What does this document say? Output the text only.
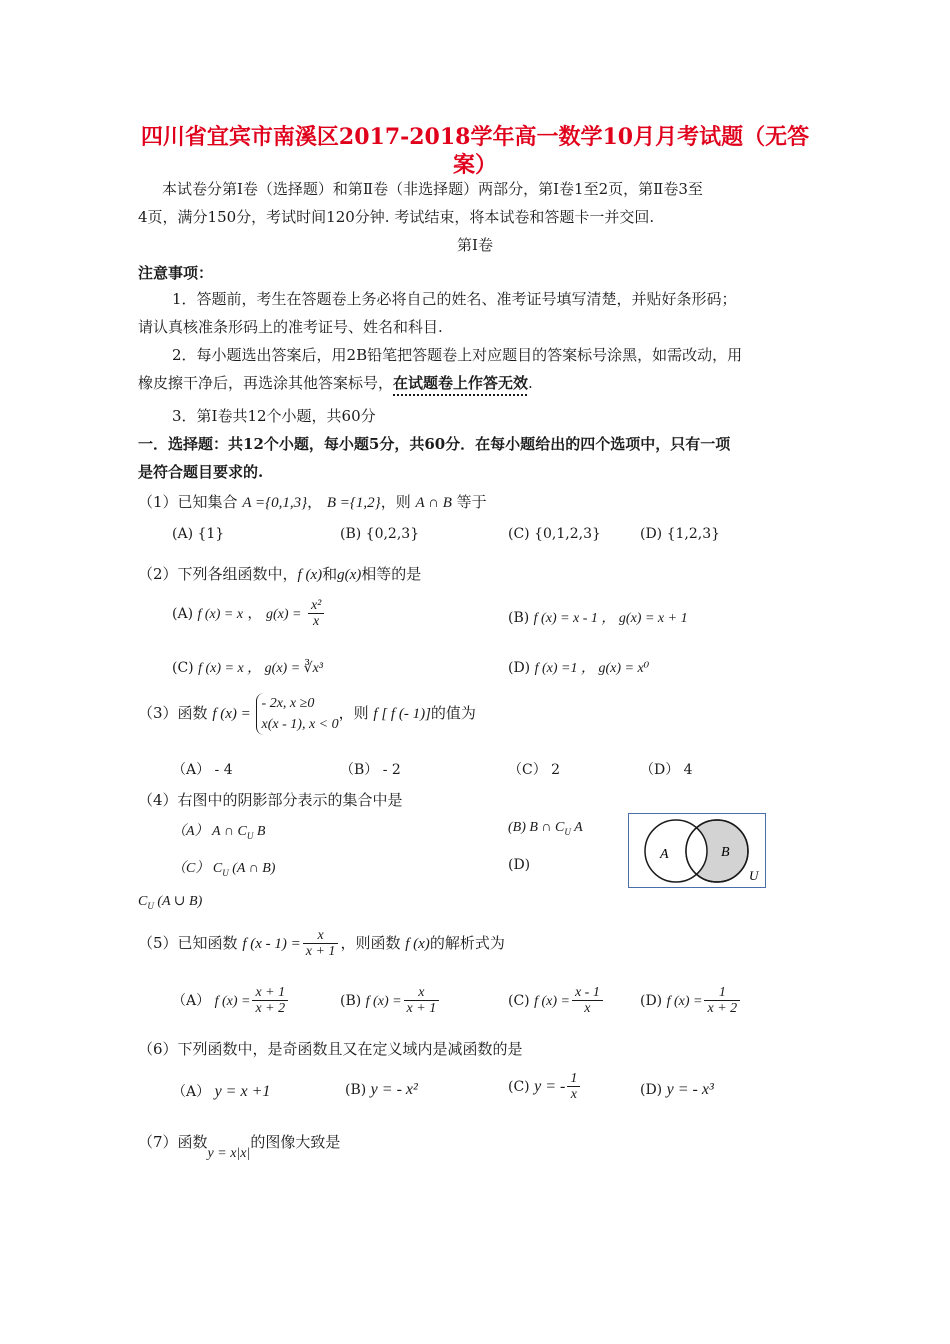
四川省宜宾市南溪区2017-2018学年高一数学10月月考试题（无答
案）
本试卷分第Ⅰ卷（选择题）和第Ⅱ卷（非选择题）两部分，第Ⅰ卷1至2页，第Ⅱ卷3至
4页，满分150分，考试时间120分钟. 考试结束，将本试卷和答题卡一并交回.
第Ⅰ卷
注意事项：
1．答题前，考生在答题卷上务必将自己的姓名、准考证号填写清楚，并贴好条形码；
请认真核准条形码上的准考证号、姓名和科目.
2．每小题选出答案后，用2B铅笔把答题卷上对应题目的答案标号涂黑，如需改动，用
橡皮擦干净后，再选涂其他答案标号，在试题卷上作答无效.
3．第Ⅰ卷共12个小题，共60分
一．选择题：共12个小题，每小题5分，共60分．在每小题给出的四个选项中，只有一项
是符合题目要求的.
（1）已知集合 A ={0,1,3}， B ={1,2}，则 A ∩ B 等于
(A) {1}	(B) {0,2,3}	(C) {0,1,2,3}	(D) {1,2,3}
（2）下列各组函数中，f (x)和g(x)相等的是
(A) f (x) = x ， $g(x) = \frac{\text{x²}}{x}$	(B) f (x) = x - 1 ， g(x) = x + 1
(C) f (x) = x ， g(x) = ∛x³	(D) f (x) =1 ， g(x) = x⁰
（3）函数 f (x) =
- 2x, x ≥0
x(x - 1), x < 0
，则 f [ f (- 1)]的值为
（A） - 4	（B） - 2	（C） 2	（D） 4
（4）右图中的阴影部分表示的集合中是
（A） A ∩ $C_U$ B	(B) B ∩ $C_U$ A
（C） $C_U$ (A ∩ B)	(D)
$C_U$ (A ∪ B)
A	B
U
（5）已知函数 f $(x - 1) = \frac{x}{x + 1}$ ，则函数 f (x)的解析式为
（A） f $(x) = \frac{x + 1}{x + 2}$	(B) f $(x) = \frac{x}{x + 1}$	(C) f $(x) = \frac{x - 1}{x}$	(D) f $(x) = \frac{1}{x + 2}$
（6）下列函数中，是奇函数且又在定义域内是减函数的是
（A） y = x +1	(B) y = - x²	(C) y = - $\frac{1}{x}$	(D) y = - x³
（7）函数y = x|x|的图像大致是
